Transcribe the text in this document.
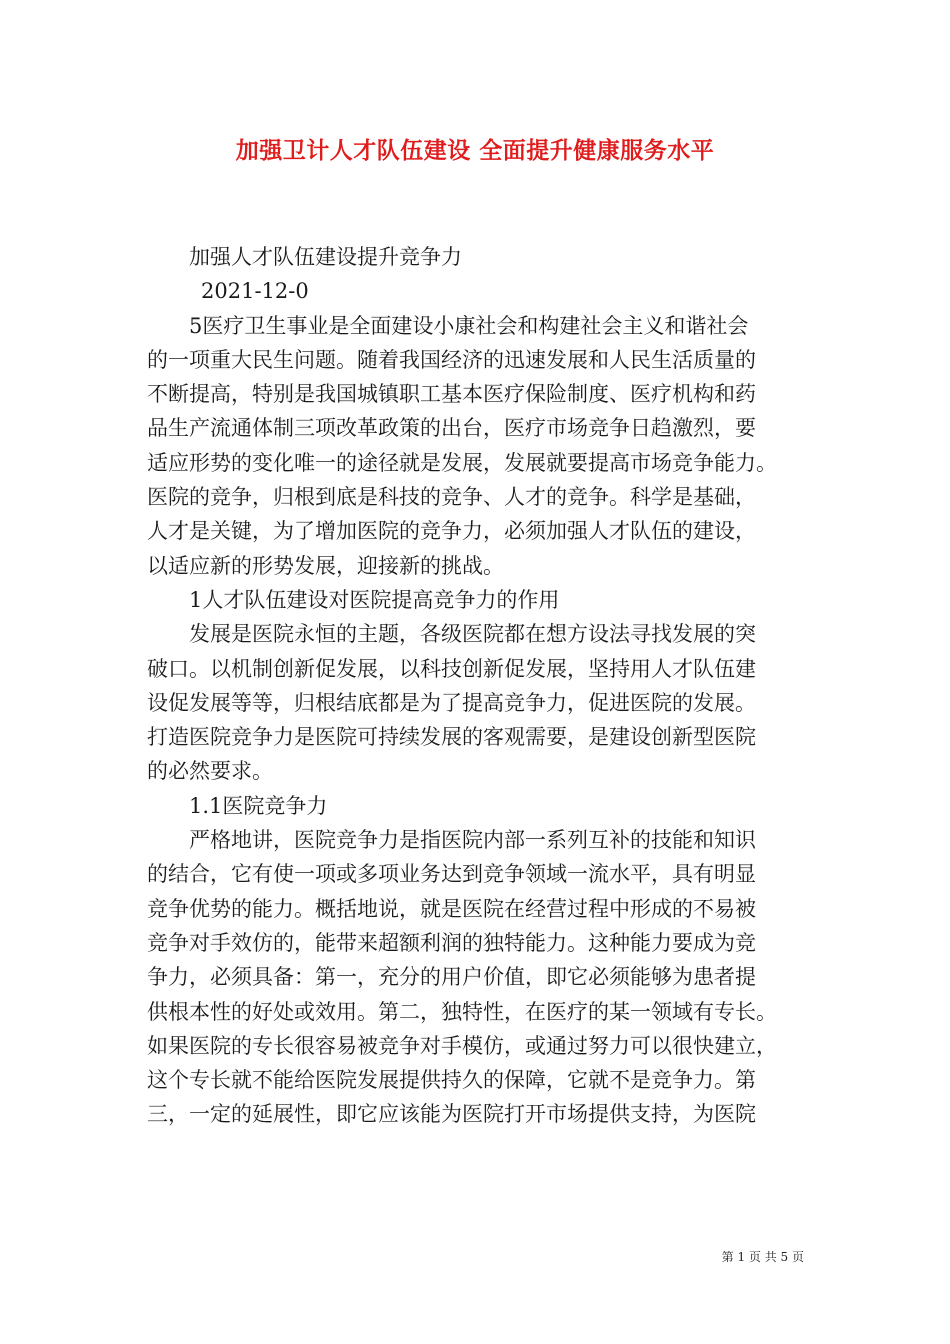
加强卫计人才队伍建设 全面提升健康服务水平
加强人才队伍建设提升竞争力
2021-12-0
5医疗卫生事业是全面建设小康社会和构建社会主义和谐社会
的一项重大民生问题。随着我国经济的迅速发展和人民生活质量的
不断提高，特别是我国城镇职工基本医疗保险制度、医疗机构和药
品生产流通体制三项改革政策的出台，医疗市场竞争日趋激烈，要
适应形势的变化唯一的途径就是发展，发展就要提高市场竞争能力。
医院的竞争，归根到底是科技的竞争、人才的竞争。科学是基础，
人才是关键，为了增加医院的竞争力，必须加强人才队伍的建设，
以适应新的形势发展，迎接新的挑战。
1人才队伍建设对医院提高竞争力的作用
发展是医院永恒的主题，各级医院都在想方设法寻找发展的突
破口。以机制创新促发展，以科技创新促发展，坚持用人才队伍建
设促发展等等，归根结底都是为了提高竞争力，促进医院的发展。
打造医院竞争力是医院可持续发展的客观需要，是建设创新型医院
的必然要求。
1.1医院竞争力
严格地讲，医院竞争力是指医院内部一系列互补的技能和知识
的结合，它有使一项或多项业务达到竞争领域一流水平，具有明显
竞争优势的能力。概括地说，就是医院在经营过程中形成的不易被
竞争对手效仿的，能带来超额利润的独特能力。这种能力要成为竞
争力，必须具备：第一，充分的用户价值，即它必须能够为患者提
供根本性的好处或效用。第二，独特性，在医疗的某一领域有专长。
如果医院的专长很容易被竞争对手模仿，或通过努力可以很快建立，
这个专长就不能给医院发展提供持久的保障，它就不是竞争力。第
三，一定的延展性，即它应该能为医院打开市场提供支持，为医院
第 1 页 共 5 页
